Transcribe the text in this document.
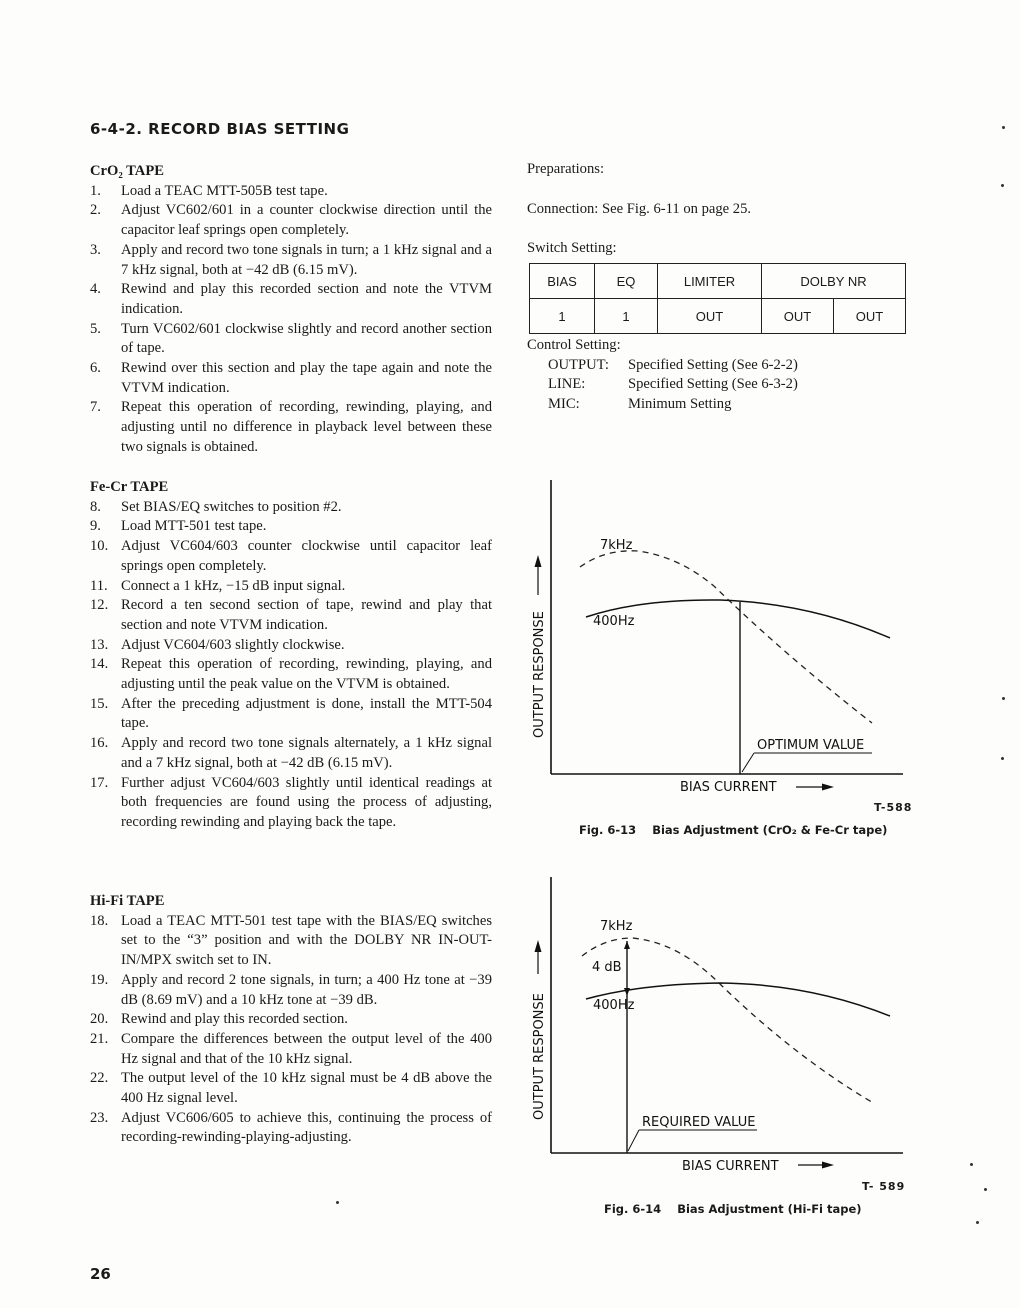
6-4-2. RECORD BIAS SETTING

CrO₂ TAPE

1.	Load a TEAC MTT-505B test tape.
2.	Adjust VC602/601 in a counter clockwise direction until the capacitor leaf springs open completely.
3.	Apply and record two tone signals in turn; a 1 kHz signal and a 7 kHz signal, both at −42 dB (6.15 mV).
4.	Rewind and play this recorded section and note the VTVM indication.
5.	Turn VC602/601 clockwise slightly and record another section of tape.
6.	Rewind over this section and play the tape again and note the VTVM indication.
7.	Repeat this operation of recording, rewinding, playing, and adjusting until no difference in playback level between these two signals is obtained.

Fe-Cr TAPE

8.	Set BIAS/EQ switches to position #2.
9.	Load MTT-501 test tape.
10. Adjust VC604/603 counter clockwise until capacitor leaf springs open completely.
11. Connect a 1 kHz, −15 dB input signal.
12. Record a ten second section of tape, rewind and play that section and note VTVM indication.
13. Adjust VC604/603 slightly clockwise.
14. Repeat this operation of recording, rewinding, playing, and adjusting until the peak value on the VTVM is obtained.
15. After the preceding adjustment is done, install the MTT-504 tape.
16. Apply and record two tone signals alternately, a 1 kHz signal and a 7 kHz signal, both at −42 dB (6.15 mV).
17. Further adjust VC604/603 slightly until identical readings at both frequencies are found using the process of adjusting, recording rewinding and playing back the tape.

Hi-Fi TAPE

18. Load a TEAC MTT-501 test tape with the BIAS/EQ switches set to the “3” position and with the DOLBY NR IN-OUT-IN/MPX switch set to IN.
19. Apply and record 2 tone signals, in turn; a 400 Hz tone at −39 dB (8.69 mV) and a 10 kHz tone at −39 dB.
20. Rewind and play this recorded section.
21. Compare the differences between the output level of the 400 Hz signal and that of the 10 kHz signal.
22. The output level of the 10 kHz signal must be 4 dB above the 400 Hz signal level.
23. Adjust VC606/605 to achieve this, continuing the process of recording-rewinding-playing-adjusting.
Preparations:
Connection: See Fig. 6-11 on page 25.
Switch Setting:
BIAS	EQ	LIMITER	DOLBY NR	
1	1	OUT	OUT	OUT
Control Setting:
OUTPUT:	Specified Setting (See 6-2-2)
LINE:	Specified Setting (See 6-3-2)
MIC:	Minimum Setting
OUTPUT RESPONSE
7kHz
400Hz
OPTIMUM VALUE
BIAS CURRENT
T-588
Fig. 6-13 Bias Adjustment (CrO₂ & Fe-Cr tape)
OUTPUT RESPONSE
7kHz
4 dB
400Hz
REQUIRED VALUE
BIAS CURRENT
T- 589
Fig. 6-14 Bias Adjustment (Hi-Fi tape)
26
